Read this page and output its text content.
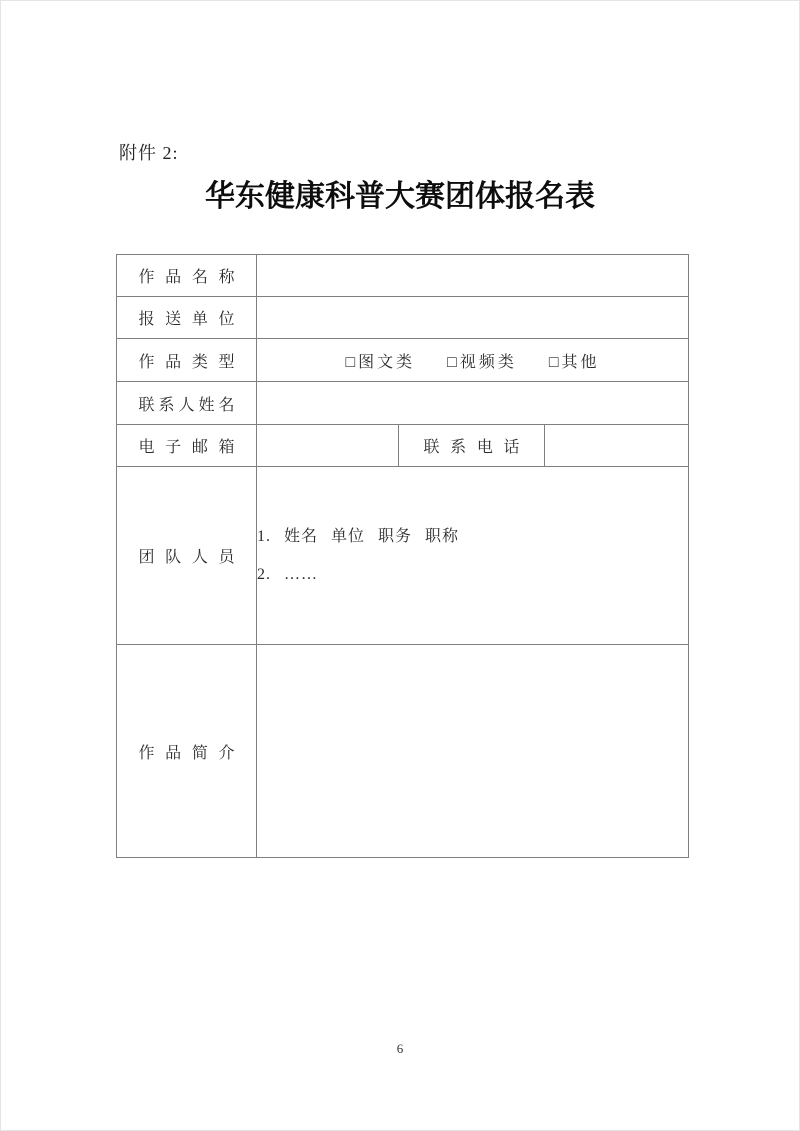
附件 2:
华东健康科普大赛团体报名表
作品名称			
报送单位			
作品类型	□图文类 □视频类 □其他		
联系人姓名			
电子邮箱		联系电话	
团队人员	1. 姓名 单位 职务 职称
2. ……		

作品简介			
6
